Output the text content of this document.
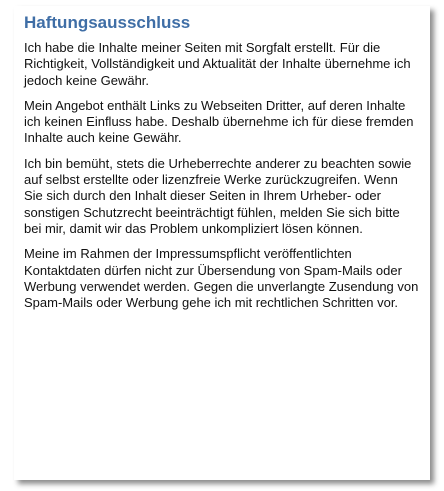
Haftungsausschluss

Ich habe die Inhalte meiner Seiten mit Sorgfalt erstellt. Für die Richtigkeit, Vollständigkeit und Aktualität der Inhalte übernehme ich jedoch keine Gewähr.

Mein Angebot enthält Links zu Webseiten Dritter, auf deren Inhalte ich keinen Einfluss habe. Deshalb übernehme ich für diese fremden Inhalte auch keine Gewähr.

Ich bin bemüht, stets die Urheberrechte anderer zu beachten sowie auf selbst erstellte oder lizenzfreie Werke zurückzugreifen. Wenn Sie sich durch den Inhalt dieser Seiten in Ihrem Urheber- oder sonstigen Schutzrecht beeinträchtigt fühlen, melden Sie sich bitte bei mir, damit wir das Problem unkompliziert lösen können.

Meine im Rahmen der Impressumspflicht veröffentlichten Kontaktdaten dürfen nicht zur Übersendung von Spam-Mails oder Werbung verwendet werden. Gegen die unverlangte Zusendung von Spam-Mails oder Werbung gehe ich mit rechtlichen Schritten vor.
